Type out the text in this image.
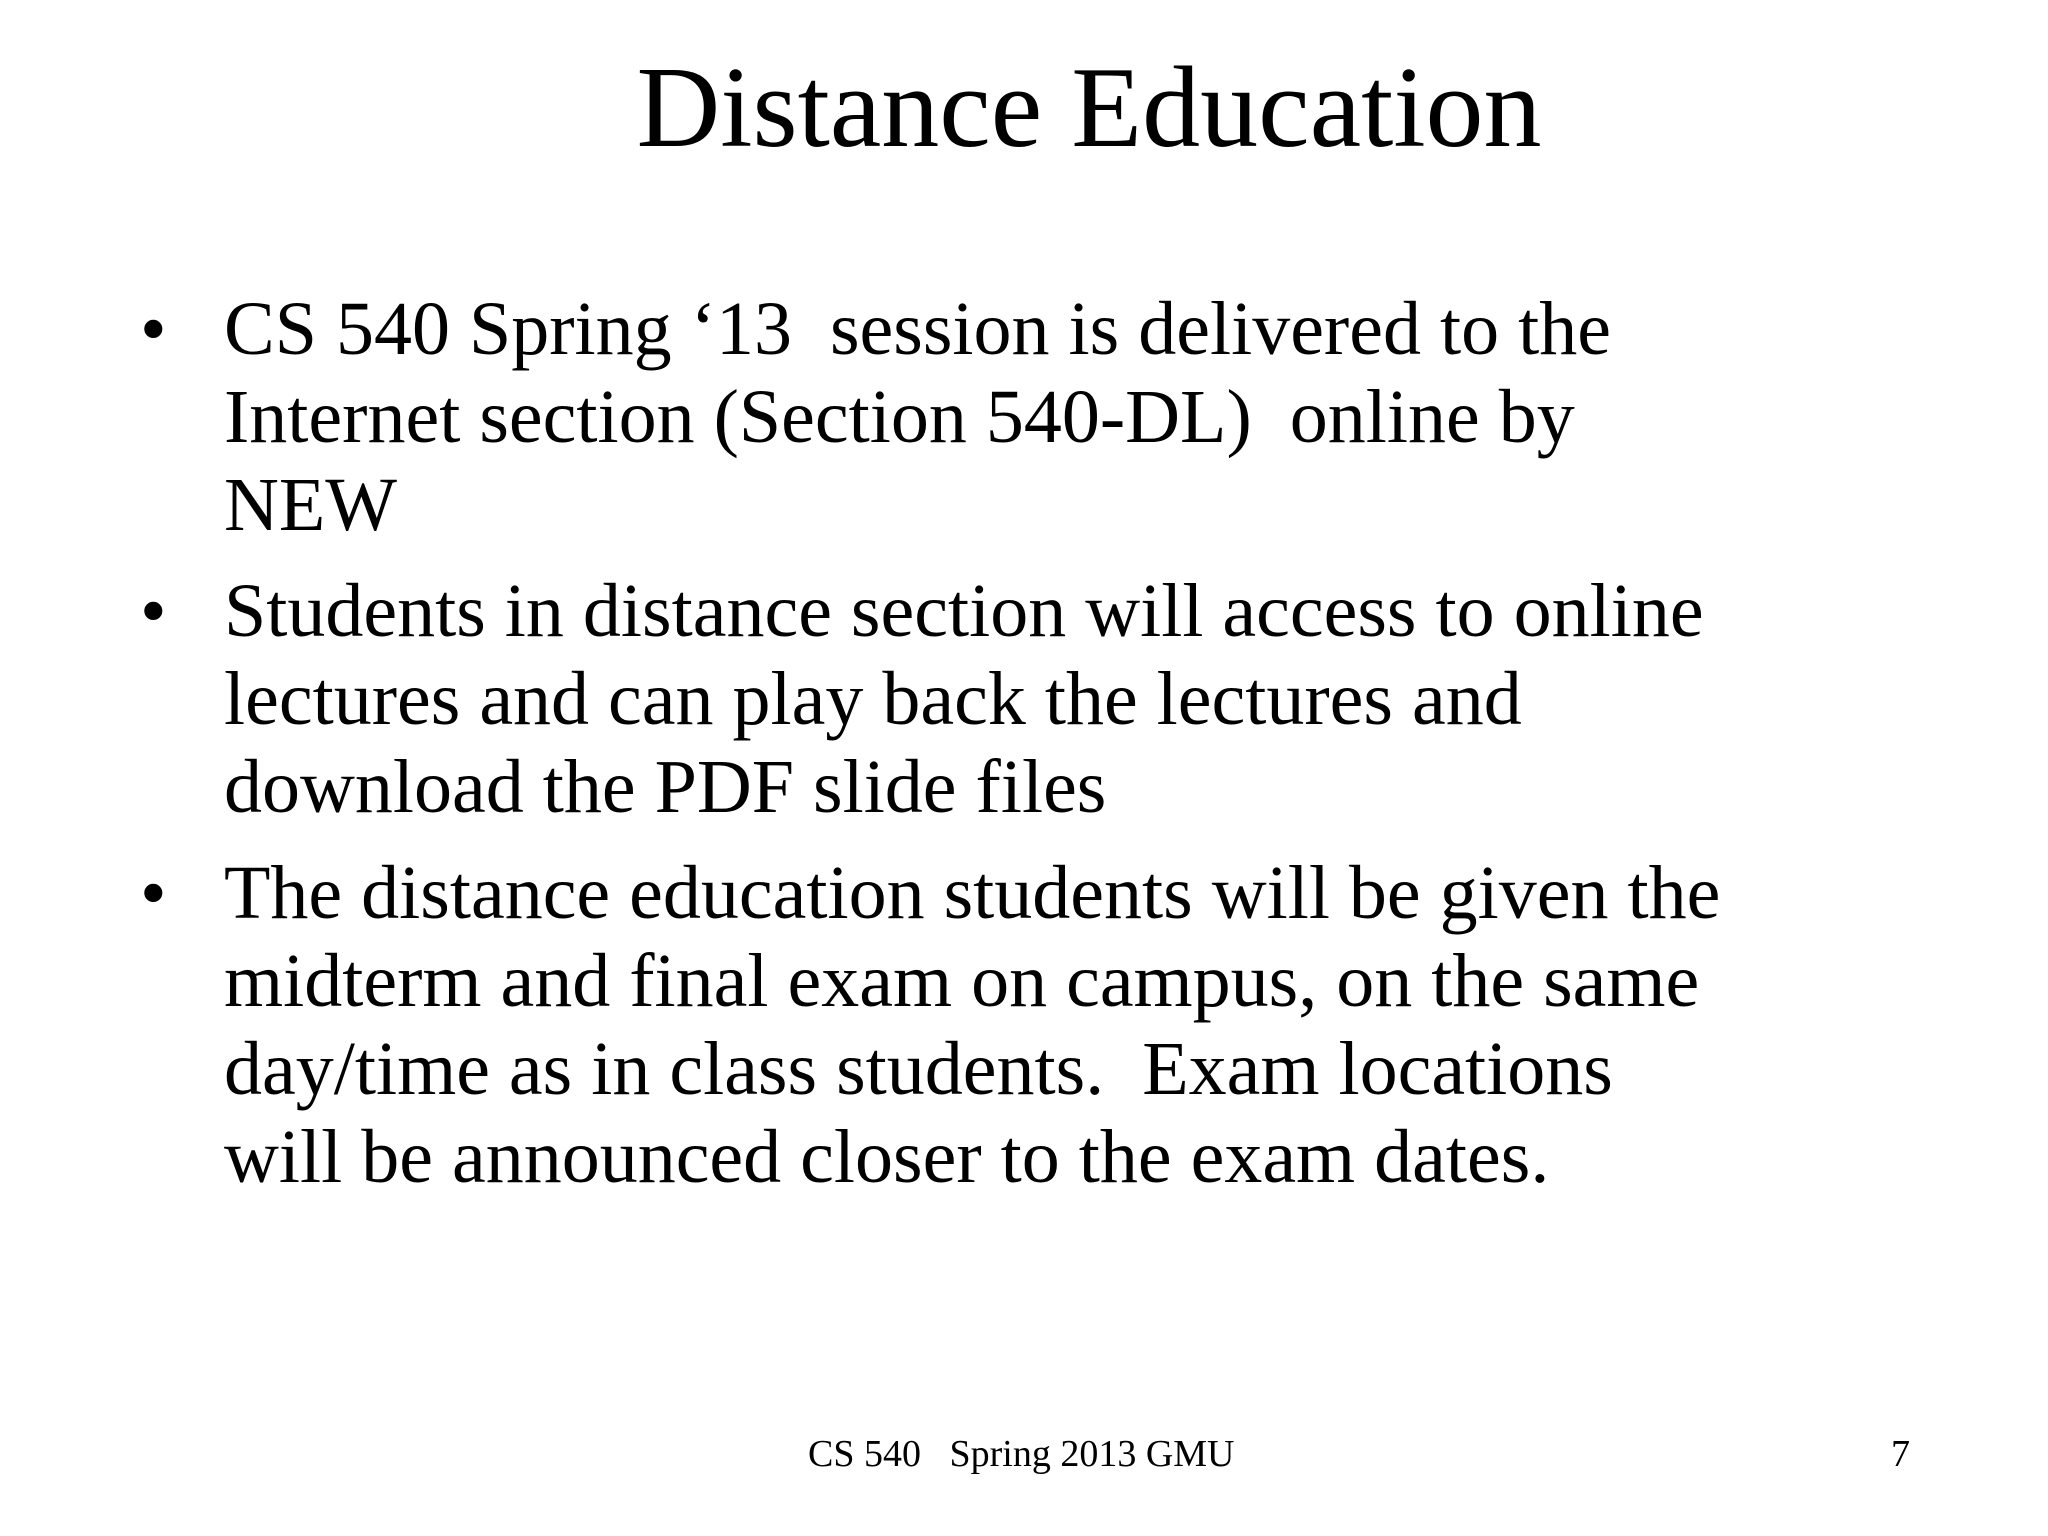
Distance Education
• CS 540 Spring ‘13  session is delivered to the
Internet section (Section 540-DL)  online by
NEW
• Students in distance section will access to online
lectures and can play back the lectures and
download the PDF slide files
• The distance education students will be given the
midterm and final exam on campus, on the same
day/time as in class students.  Exam locations
will be announced closer to the exam dates.
CS 540   Spring 2013 GMU	7
